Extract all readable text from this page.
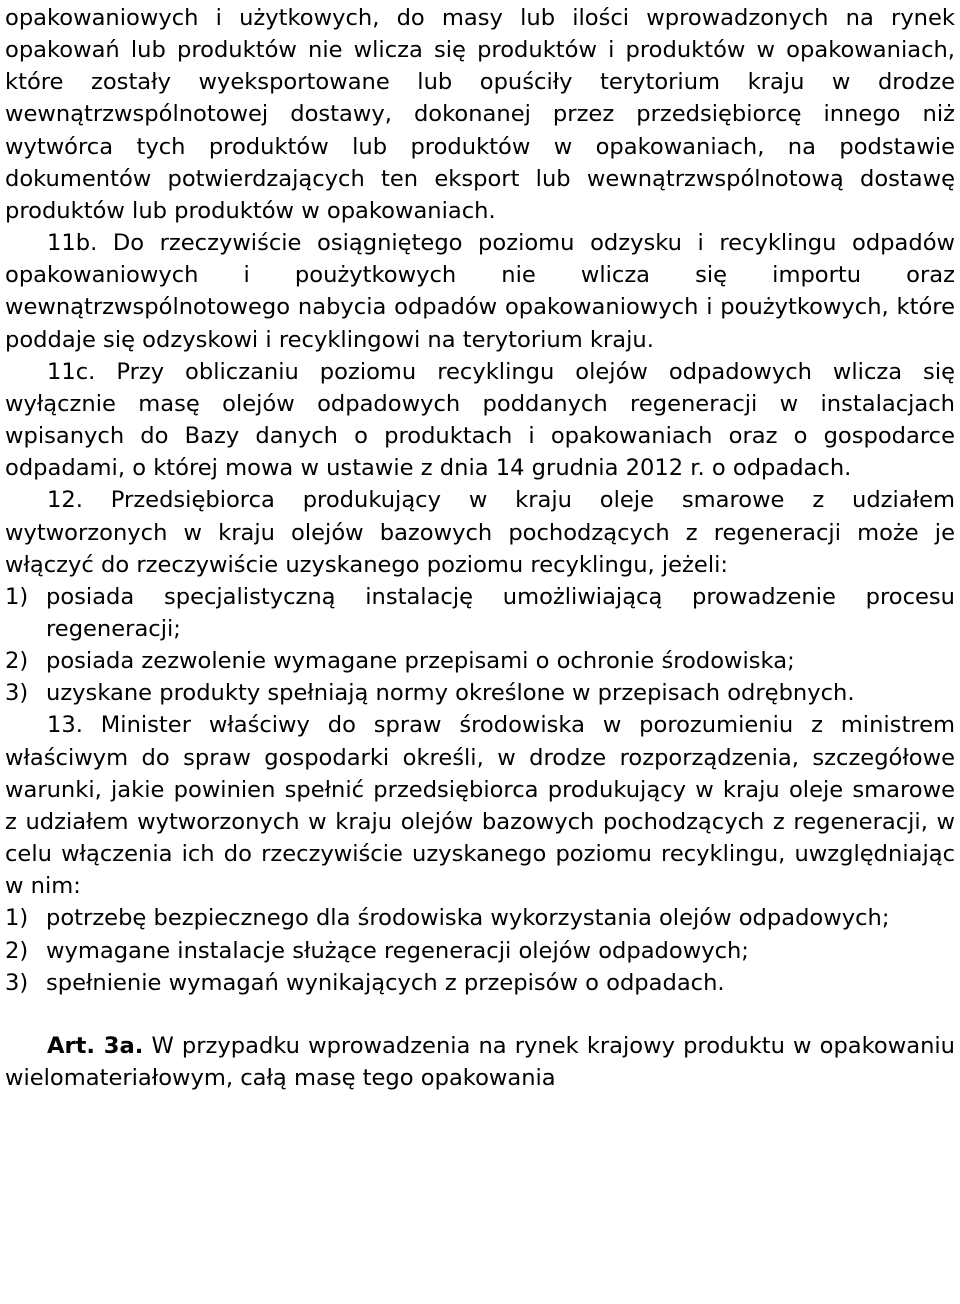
opakowaniowych i użytkowych, do masy lub ilości wprowadzonych na rynek opakowań lub produktów nie wlicza się produktów i produktów w opakowaniach, które zostały wyeksportowane lub opuściły terytorium kraju w drodze wewnątrzwspólnotowej dostawy, dokonanej przez przedsiębiorcę innego niż wytwórca tych produktów lub produktów w opakowaniach, na podstawie dokumentów potwierdzających ten eksport lub wewnątrzwspólnotową dostawę produktów lub produktów w opakowaniach.

11b. Do rzeczywiście osiągniętego poziomu odzysku i recyklingu odpadów opakowaniowych i poużytkowych nie wlicza się importu oraz wewnątrzwspólnotowego nabycia odpadów opakowaniowych i poużytkowych, które poddaje się odzyskowi i recyklingowi na terytorium kraju.

11c. Przy obliczaniu poziomu recyklingu olejów odpadowych wlicza się wyłącznie masę olejów odpadowych poddanych regeneracji w instalacjach wpisanych do Bazy danych o produktach i opakowaniach oraz o gospodarce odpadami, o której mowa w ustawie z dnia 14 grudnia 2012 r. o odpadach.

12. Przedsiębiorca produkujący w kraju oleje smarowe z udziałem wytworzonych w kraju olejów bazowych pochodzących z regeneracji może je włączyć do rzeczywiście uzyskanego poziomu recyklingu, jeżeli:

1) posiada specjalistyczną instalację umożliwiającą prowadzenie procesu regeneracji;
2) posiada zezwolenie wymagane przepisami o ochronie środowiska;
3) uzyskane produkty spełniają normy określone w przepisach odrębnych.

13. Minister właściwy do spraw środowiska w porozumieniu z ministrem właściwym do spraw gospodarki określi, w drodze rozporządzenia, szczegółowe warunki, jakie powinien spełnić przedsiębiorca produkujący w kraju oleje smarowe z udziałem wytworzonych w kraju olejów bazowych pochodzących z regeneracji, w celu włączenia ich do rzeczywiście uzyskanego poziomu recyklingu, uwzględniając w nim:

1) potrzebę bezpiecznego dla środowiska wykorzystania olejów odpadowych;
2) wymagane instalacje służące regeneracji olejów odpadowych;
3) spełnienie wymagań wynikających z przepisów o odpadach.

Art. 3a. W przypadku wprowadzenia na rynek krajowy produktu w opakowaniu wielomateriałowym, całą masę tego opakowania
